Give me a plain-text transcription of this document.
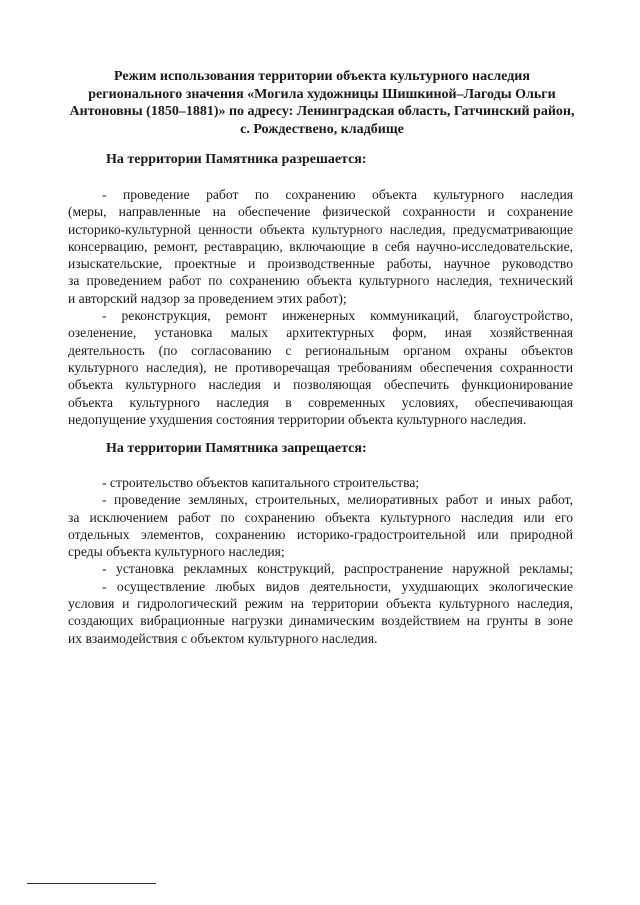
Режим использования территории объекта культурного наследия
регионального значения «Могила художницы Шишкиной–Лагоды Ольги
Антоновны (1850–1881)» по адресу: Ленинградская область, Гатчинский район,
с. Рождествено, кладбище
На территории Памятника разрешается:
- проведение работ по сохранению объекта культурного наследия
(меры, направленные на обеспечение физической сохранности и сохранение
историко-культурной ценности объекта культурного наследия, предусматривающие
консервацию, ремонт, реставрацию, включающие в себя научно-исследовательские,
изыскательские, проектные и производственные работы, научное руководство
за проведением работ по сохранению объекта культурного наследия, технический
и авторский надзор за проведением этих работ);
- реконструкция, ремонт инженерных коммуникаций, благоустройство,
озеленение, установка малых архитектурных форм, иная хозяйственная
деятельность (по согласованию с региональным органом охраны объектов
культурного наследия), не противоречащая требованиям обеспечения сохранности
объекта культурного наследия и позволяющая обеспечить функционирование
объекта культурного наследия в современных условиях, обеспечивающая
недопущение ухудшения состояния территории объекта культурного наследия.
На территории Памятника запрещается:
- строительство объектов капитального строительства;
- проведение земляных, строительных, мелиоративных работ и иных работ,
за исключением работ по сохранению объекта культурного наследия или его
отдельных элементов, сохранению историко-градостроительной или природной
среды объекта культурного наследия;
- установка рекламных конструкций, распространение наружной рекламы;
- осуществление любых видов деятельности, ухудшающих экологические
условия и гидрологический режим на территории объекта культурного наследия,
создающих вибрационные нагрузки динамическим воздействием на грунты в зоне
их взаимодействия с объектом культурного наследия.
